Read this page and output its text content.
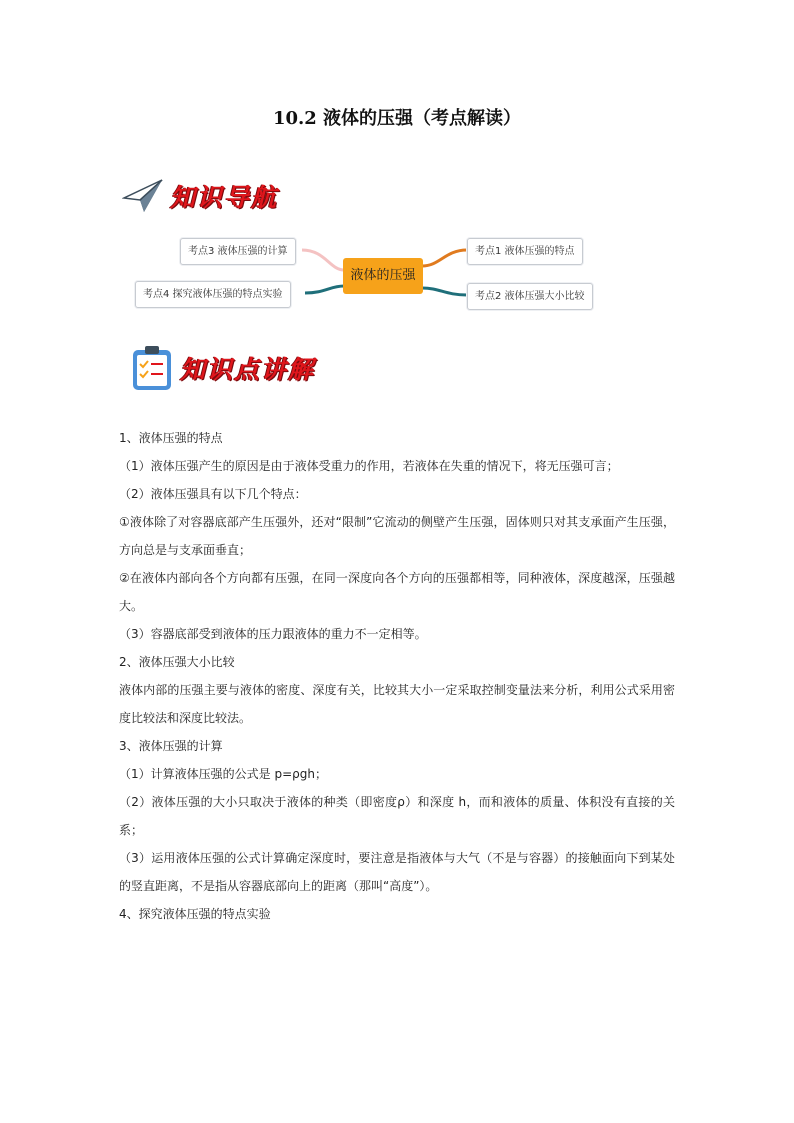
10.2 液体的压强（考点解读）
知识导航
考点3 液体压强的计算
考点4 探究液体压强的特点实验
液体的压强
考点1 液体压强的特点
考点2 液体压强大小比较
知识点讲解

1、液体压强的特点

（1）液体压强产生的原因是由于液体受重力的作用，若液体在失重的情况下，将无压强可言；

（2）液体压强具有以下几个特点：

①液体除了对容器底部产生压强外，还对“限制”它流动的侧壁产生压强，固体则只对其支承面产生压强，方向总是与支承面垂直；

②在液体内部向各个方向都有压强，在同一深度向各个方向的压强都相等，同种液体，深度越深，压强越大。

（3）容器底部受到液体的压力跟液体的重力不一定相等。

2、液体压强大小比较

液体内部的压强主要与液体的密度、深度有关，比较其大小一定采取控制变量法来分析，利用公式采用密度比较法和深度比较法。

3、液体压强的计算

（1）计算液体压强的公式是 p=ρgh；

（2）液体压强的大小只取决于液体的种类（即密度ρ）和深度 h，而和液体的质量、体积没有直接的关系；

（3）运用液体压强的公式计算确定深度时，要注意是指液体与大气（不是与容器）的接触面向下到某处的竖直距离，不是指从容器底部向上的距离（那叫“高度”）。

4、探究液体压强的特点实验
